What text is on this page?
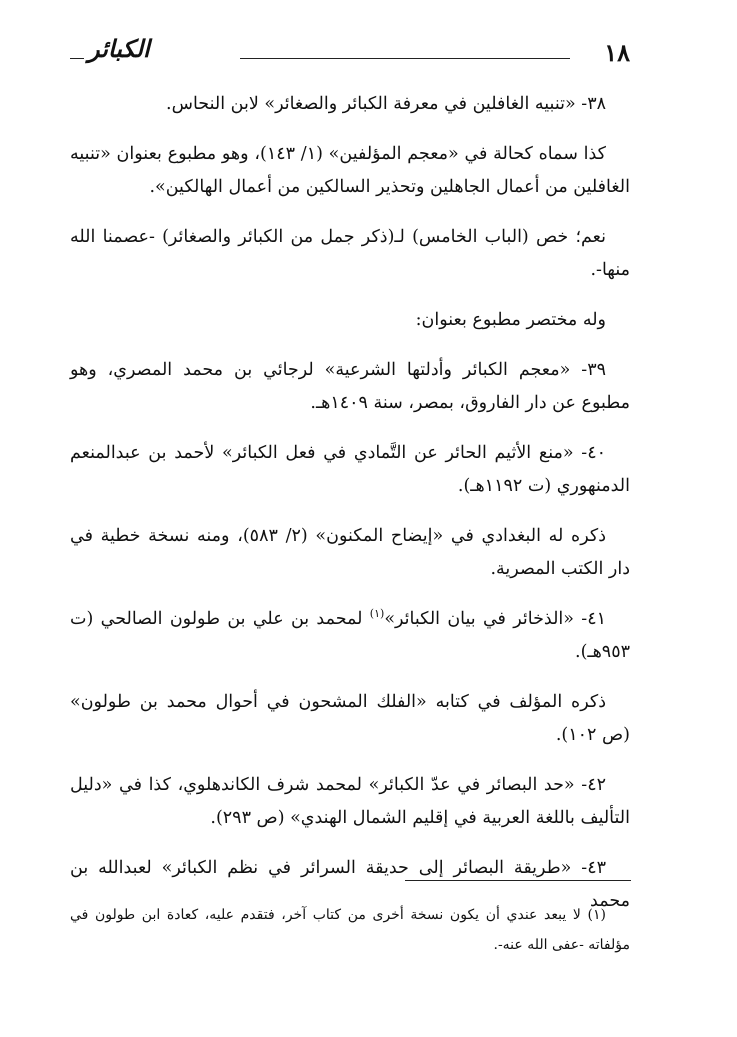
١٨
الكبائر

٣٨- «تنبيه الغافلين في معرفة الكبائر والصغائر» لابن النحاس.

كذا سماه كحالة في «معجم المؤلفين» (١/ ١٤٣)، وهو مطبوع بعنوان «تنبيه الغافلين من أعمال الجاهلين وتحذير السالكين من أعمال الهالكين».

نعم؛ خص (الباب الخامس) لـ(ذكر جمل من الكبائر والصغائر) -عصمنا الله منها-.

وله مختصر مطبوع بعنوان:

٣٩- «معجم الكبائر وأدلتها الشرعية» لرجائي بن محمد المصري، وهو مطبوع عن دار الفاروق، بمصر، سنة ١٤٠٩هـ.

٤٠- «منع الأثيم الحائر عن التَّمادي في فعل الكبائر» لأحمد بن عبدالمنعم الدمنهوري (ت ١١٩٢هـ).

ذكره له البغدادي في «إيضاح المكنون» (٢/ ٥٨٣)، ومنه نسخة خطية في دار الكتب المصرية.

٤١- «الذخائر في بيان الكبائر»$^{(١)}$ لمحمد بن علي بن طولون الصالحي (ت ٩٥٣هـ).

ذكره المؤلف في كتابه «الفلك المشحون في أحوال محمد بن طولون» (ص ١٠٢).

٤٢- «حد البصائر في عدّ الكبائر» لمحمد شرف الكاندهلوي، كذا في «دليل التأليف باللغة العربية في إقليم الشمال الهندي» (ص ٢٩٣).

٤٣- «طريقة البصائر إلى حديقة السرائر في نظم الكبائر» لعبدالله بن محمد

(١) لا يبعد عندي أن يكون نسخة أخرى من كتاب آخر، فتقدم عليه، كعادة ابن طولون في مؤلفاته -عفى الله عنه-.
